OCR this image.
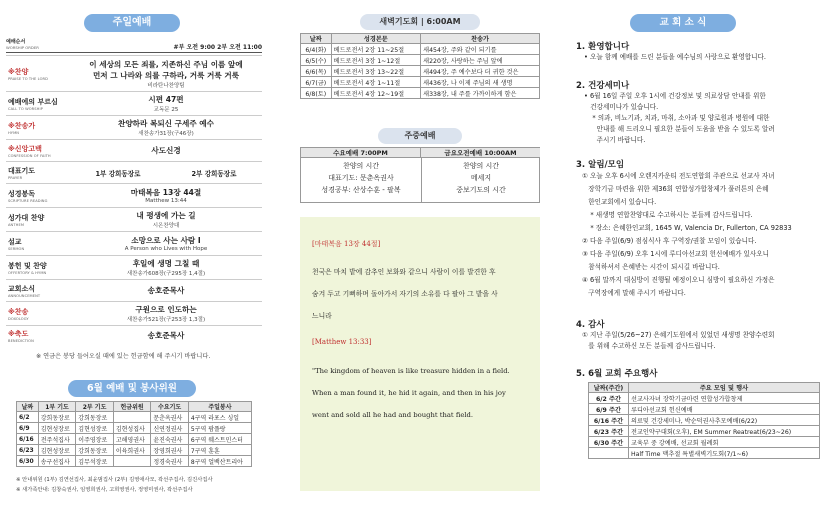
주일예배
예배순서
WORSHIP ORDER	#부 오전 9:00 2부 오전 11:00
※찬양
PRAISE TO THE LORD
이 세상의 모든 죄를, 지존하신 주님 이름 앞에
먼저 그 나라와 의를 구하라, 거룩 거룩 거룩
비라탄나찬양팀
예배에의 부르심
CALL TO WORSHIP
시편 47편
교독문 25
※찬송가
HYMN
찬양하라 복되신 구세주 예수
새찬송가31장(구46장)
※신앙고백
CONFESSION OF FAITH
사도신경
대표기도
PRAYER	1부 강희동장로	2부 강희동장로
성경봉독
SCRIPTURE READING
마태복음 13장 44절
Matthew 13:44
성가대 찬양
ANTHEM
내 평생에 가는 길
시온찬양대
설교
SERMON
소망으로 사는 사람 I
A Person who Lives with Hope
봉헌 및 찬양
OFFERTORY & HYMN
후일에 생명 그칠 때
새찬송가608장(구295장 1,4절)
교회소식
ANNOUNCEMENT
송호준목사
※찬송
DOXOLOGY
구원으로 인도하는
새찬송가521장(구253장 1,3절)
※축도
BENEDICTION
송호준목사
※ 연금은 봉당 들어오실 때에 있는 헌금함에 해 주시기 바랍니다.
6월 예배 및 봉사위원
날짜	1부 기도	2부 기도	헌금위원	수요기도	주일봉사
6/2	강희동장로	강희동장로		문춘옥권사	4구역 라포스 싱일
6/9	김현성장로	김현성장로	김현성집사	신연정권사	5구역 팜플랑
6/16	전주석집사	이주영장로	고해영권사	윤진숙권사	6구역 웨스트민스터
6/23	김현성장로	강희동장로	이육희권사	장영희권사	7구역 훈훈
6/30	송구선집사	김무석장로		정경숙권사	8구역 얼백산트리아
※ 안내위원 (1부) 김연선집사, 최윤범집사 (2부) 김영애사모, 곽선주집사, 김진사집사
※ 새가족안내: 김창숙권사, 임영희권사, 고희영권사, 정영미권사, 곽선주집사
새벽기도회 | 6:00AM
날짜	성경본문	찬송가
6/4(화)	베드로전서 2장 11~25절	새454장, 주와 같이 되기를
6/5(수)	베드로전서 3장 1~12절	새220장, 사랑하는 주님 앞에
6/6(목)	베드로전서 3장 13~22절	새494장, 주 예수보다 더 귀한 것은
6/7(금)	베드로전서 4장 1~11절	새436장, 나 이제 주님의 새 생명
6/8(토)	베드로전서 4장 12~19절	새338장, 내 주를 가까이하게 함은
주중예배
수요예배 7:00PM	금요오전예배 10:00AM
찬양의 시간
대표기도: 문춘옥권사
성경공부: 산상수훈 - 팔복
찬양의 시간
메세지
중보기도의 시간
[마태복음 13장 44절]
천국은 마치 밭에 감추인 보화와 같으니 사람이 이를 발견한 후
숨겨 두고 기뻐하며 돌아가서 자기의 소유를 다 팔아 그 밭을 사
느니라
[Matthew 13:33]
"The kingdom of heaven is like treasure hidden in a field.
When a man found it, he hid it again, and then in his joy
went and sold all he had and bought that field.
교 회 소 식
1. 환영합니다
• 오늘 함께 예배를 드린 분들을 예수님의 사랑으로 환영합니다.
2. 건강세미나
• 6월 16일 주일 오후 1시에 건강정보 및 의료상담 안내를 위한
건강세미나가 있습니다.
* 의과, 비뇨기과, 치과, 마취, 소아과 및 양로원과 병원에 대한
안내를 해 드리오니 필요한 분들이 도움을 받을 수 있도록 알려
주시기 바랍니다.
3. 알림/모임
① 오늘 오후 6시에 오렌지카운티 전도연합회 주관으로 선교사 자녀
장학기금 마련을 위한 제36회 연합성가합창제가 풀러튼의 은혜
한인교회에서 있습니다.
* 새생명 연합찬양대로 수고하시는 분들께 감사드립니다.
* 장소: 은혜한인교회, 1645 W, Valencia Dr, Fullerton, CA 92833
② 다음 주일(6/9) 점심식사 후 구역장/권찰 모임이 있습니다.
③ 다음 주일(6/9) 오후 1시에 루디아선교회 헌신예배가 있사오니
참석하셔서 은혜받는 시간이 되시길 바랍니다.
④ 6월 말까지 대심방이 진행될 예정이오니 심방이 필요하신 가정은
구역장에게 말해 주시기 바랍니다.
4. 감사
① 지난 주일(5/26~27) 은혜기도원에서 있었던 새생명 찬양수련회
를 위해 수고하신 모든 분들께 감사드립니다.
5. 6월 교회 주요행사
날짜(주간)	주요 모임 및 행사
6/2 주간	선교사자녀 장학기금마련 연합성가합창제
6/9 주간	루디아선교회 헌신예배
6/16 주간	의료및 건강세미나, 박순덕권사추모예배(6/22)
6/23 주간	전교인약구대회(오후), EM Summer Reatreat(6/23~26)
6/30 주간	교육부 중 강예배, 선교회 월례회
	Half Time 맥추절 특별새벽기도회(7/1~6)
